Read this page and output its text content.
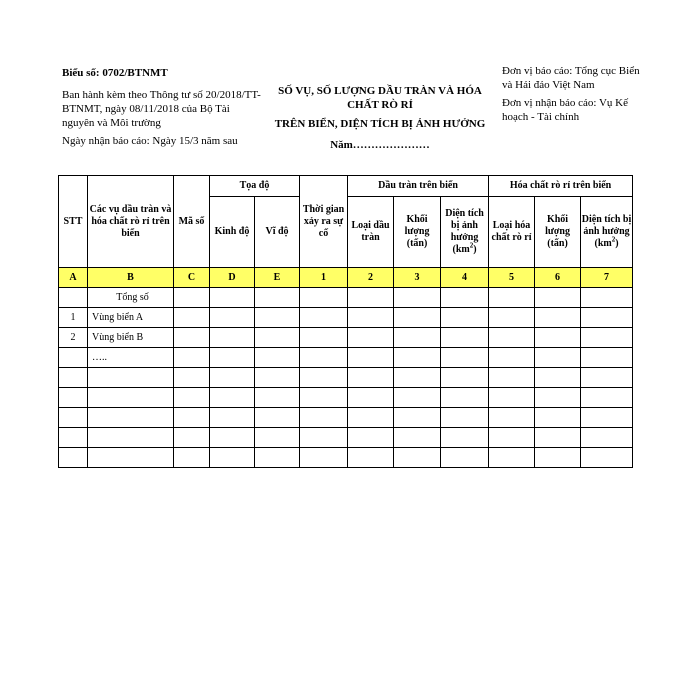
Biểu số: 0702/BTNMT
Ban hành kèm theo Thông tư số 20/2018/TT-BTNMT, ngày 08/11/2018 của Bộ Tài nguyên và Môi trường
Ngày nhận báo cáo: Ngày 15/3 năm sau
SỐ VỤ, SỐ LƯỢNG DẦU TRÀN VÀ HÓA CHẤT RÒ RỈ
TRÊN BIỂN, DIỆN TÍCH BỊ ẢNH HƯỞNG
Năm…………………
Đơn vị báo cáo: Tổng cục Biển và Hải đảo Việt Nam
Đơn vị nhận báo cáo: Vụ Kế hoạch - Tài chính
STT	Các vụ dầu tràn và hóa chất rò rỉ trên biển	Mã số	Tọa độ		Thời gian xảy ra sự cố	Dầu tràn trên biển			Hóa chất rò rỉ trên biển		
			Kinh độ	Vĩ độ		Loại dầu tràn	Khối lượng (tấn)	Diện tích bị ảnh hưởng $(km^2)$	Loại hóa chất rò rỉ	Khối lượng (tấn)	Diện tích bị ảnh hưởng $(km^2)$
A	B	C	D	E	1	2	3	4	5	6	7
	Tổng số										
1	Vùng biển A										
2	Vùng biển B										
	…..										
